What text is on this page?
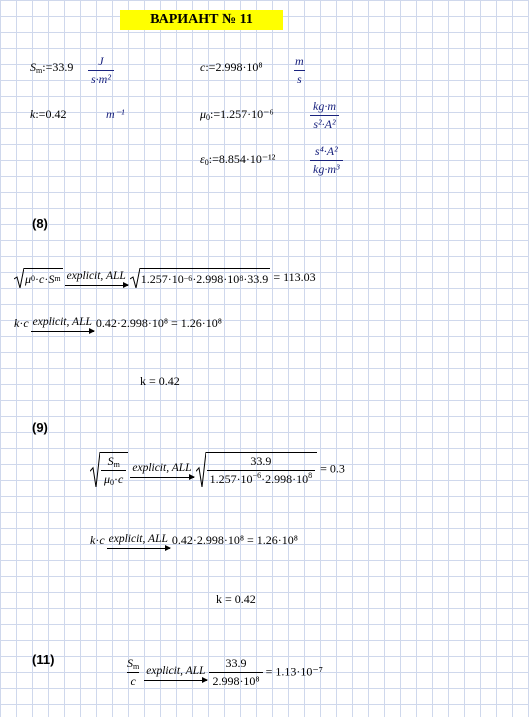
ВАРИАНТ № 11
$S_m:=33.9 \frac{J}{\text{s·m²}}$	c:=2.998·10⁸ $\frac{m}{s}$
k:=0.42	m⁻¹	$\mu_0:=1.257\cdot 10^{-6}$	$\frac{kg\cdot m}{\text{s²·A²}}$
$\varepsilon_0:=8.854\cdot 10^{-12}$	$\frac{\text{s⁴·A²}}{\text{kg·m³}}$
(8)
μ 0 · c · S m explicit, ALL 1.257·10 −6 ·2.998·10 8 ·33.9 = 113.03
k·c explicit, ALL 0.42·2.998·10⁸ = 1.26·10⁸
k = 0.42
(9)
$\frac{S_m}{\mu_0\cdot c}$ explicit, ALL $\frac{33.9}{1.257\cdot 10^{-6}\cdot 2.998\cdot 10^8} = 0.3$
k·c explicit, ALL 0.42·2.998·10⁸ = 1.26·10⁸
k = 0.42
(11)	$\frac{S_m}{c}$ explicit, ALL $\frac{33.9}{\text{2.998·10⁸}} = 1.13\cdot 10^{-7}$
